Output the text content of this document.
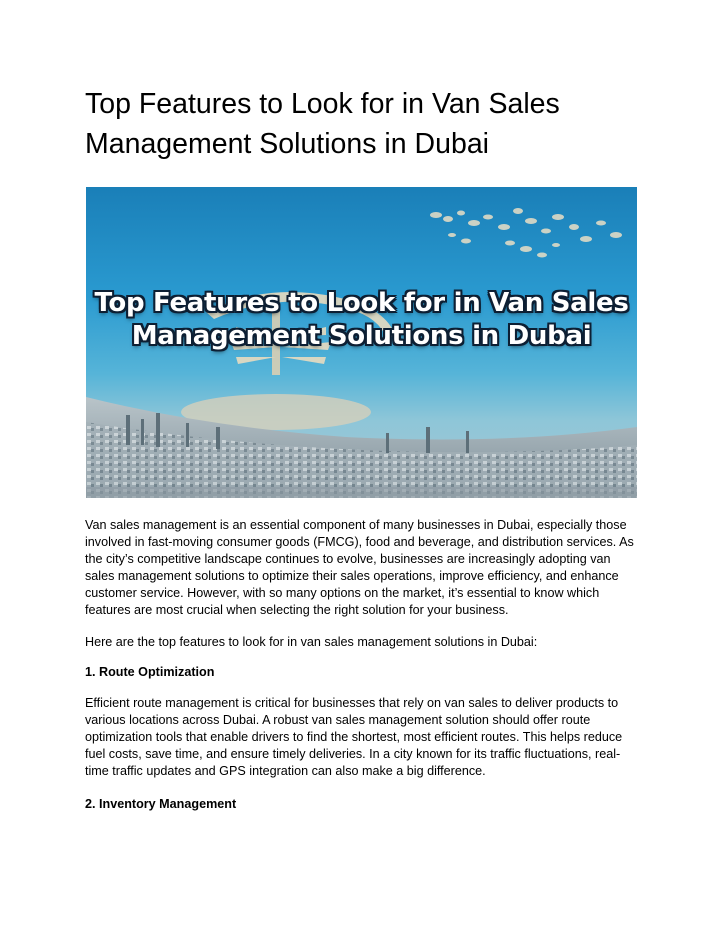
Top Features to Look for in Van Sales Management Solutions in Dubai
Top Features to Look for in Van Sales
Management Solutions in Dubai

Van sales management is an essential component of many businesses in Dubai, especially those involved in fast-moving consumer goods (FMCG), food and beverage, and distribution services. As the city’s competitive landscape continues to evolve, businesses are increasingly adopting van sales management solutions to optimize their sales operations, improve efficiency, and enhance customer service. However, with so many options on the market, it’s essential to know which features are most crucial when selecting the right solution for your business.

Here are the top features to look for in van sales management solutions in Dubai:

1. Route Optimization

Efficient route management is critical for businesses that rely on van sales to deliver products to various locations across Dubai. A robust van sales management solution should offer route optimization tools that enable drivers to find the shortest, most efficient routes. This helps reduce fuel costs, save time, and ensure timely deliveries. In a city known for its traffic fluctuations, real-time traffic updates and GPS integration can also make a big difference.

2. Inventory Management
